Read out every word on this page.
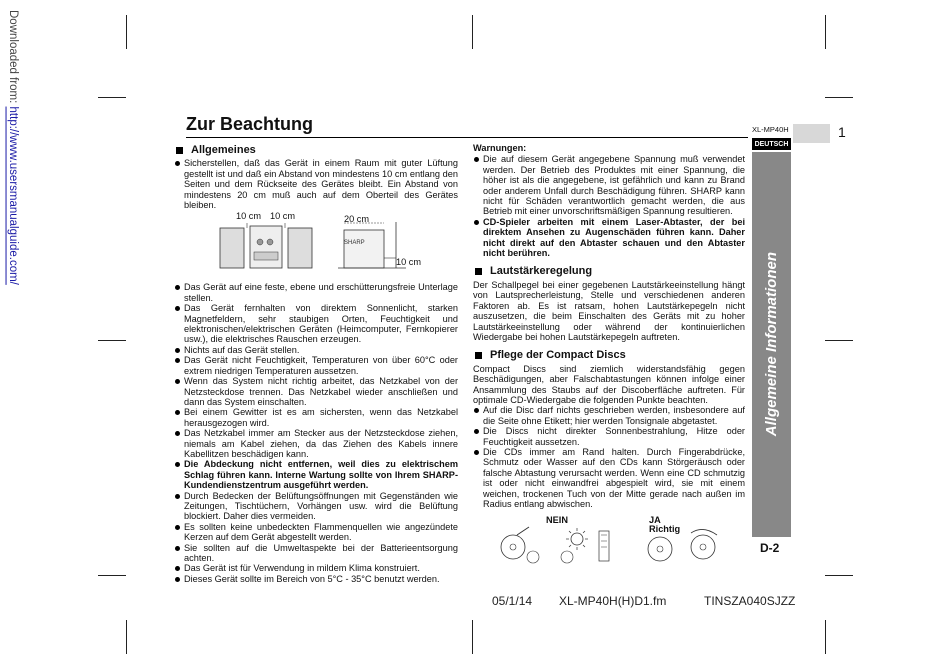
Downloaded from: http://www.usersmanualguide.com/	Zur Beachtung	XL-MP40H	1
DEUTSCH
Allgemeine Informationen
D-2
Allgemeines

Sicherstellen, daß das Gerät in einem Raum mit guter Lüftung gestellt ist und daß ein Abstand von mindestens 10 cm entlang den Seiten und dem Rückseite des Gerätes bleibt. Ein Abstand von mindestens 20 cm muß auch auf dem Oberteil des Gerätes bleiben.

SHARP
10 cm 10 cm	20 cm
10 cm

Das Gerät auf eine feste, ebene und erschütterungsfreie Unterlage stellen.

Das Gerät fernhalten von direktem Sonnenlicht, starken Magnetfeldern, sehr staubigen Orten, Feuchtigkeit und elektronischen/elektrischen Geräten (Heimcomputer, Fernkopierer usw.), die elektrisches Rauschen erzeugen.

Nichts auf das Gerät stellen.

Das Gerät nicht Feuchtigkeit, Temperaturen von über 60°C oder extrem niedrigen Temperaturen aussetzen.

Wenn das System nicht richtig arbeitet, das Netzkabel von der Netzsteckdose trennen. Das Netzkabel wieder anschließen und dann das System einschalten.

Bei einem Gewitter ist es am sichersten, wenn das Netzkabel herausgezogen wird.

Das Netzkabel immer am Stecker aus der Netzsteckdose ziehen, niemals am Kabel ziehen, da das Ziehen des Kabels innere Kabellitzen beschädigen kann.

Die Abdeckung nicht entfernen, weil dies zu elektrischem Schlag führen kann. Interne Wartung sollte von Ihrem SHARP-Kundendienstzentrum ausgeführt werden.

Durch Bedecken der Belüftungsöffnungen mit Gegenständen wie Zeitungen, Tischtüchern, Vorhängen usw. wird die Belüftung blockiert. Daher dies vermeiden.

Es sollten keine unbedeckten Flammenquellen wie angezündete Kerzen auf dem Gerät abgestellt werden.

Sie sollten auf die Umweltaspekte bei der Batterieentsorgung achten.

Das Gerät ist für Verwendung in mildem Klima konstruiert.

Dieses Gerät sollte im Bereich von 5°C - 35°C benutzt werden.

Warnungen:

Die auf diesem Gerät angegebene Spannung muß verwendet werden. Der Betrieb des Produktes mit einer Spannung, die höher ist als die angegebene, ist gefährlich und kann zu Brand oder anderem Unfall durch Beschädigung führen. SHARP kann nicht für Schäden verantwortlich gemacht werden, die aus Betrieb mit einer unvorschriftsmäßigen Spannung resultieren.

CD-Spieler arbeiten mit einem Laser-Abtaster, der bei direktem Ansehen zu Augenschäden führen kann. Daher nicht direkt auf den Abtaster schauen und den Abtaster nicht berühren.

Lautstärkeregelung

Der Schallpegel bei einer gegebenen Lautstärkeeinstellung hängt von Lautsprecherleistung, Stelle und verschiedenen anderen Faktoren ab. Es ist ratsam, hohen Lautstärkepegeln nicht auszusetzen, die beim Einschalten des Geräts mit zu hoher Lautstärkeeinstellung oder während der kontinuierlichen Wiedergabe bei hohen Lautstärkepegeln auftreten.

Pflege der Compact Discs

Compact Discs sind ziemlich widerstandsfähig gegen Beschädigungen, aber Falschabtastungen können infolge einer Ansammlung des Staubs auf der Discoberfläche auftreten. Für optimale CD-Wiedergabe die folgenden Punkte beachten.

Auf die Disc darf nichts geschrieben werden, insbesondere auf die Seite ohne Etikett; hier werden Tonsignale abgetastet.

Die Discs nicht direkter Sonnenbestrahlung, Hitze oder Feuchtigkeit aussetzen.

Die CDs immer am Rand halten. Durch Fingerabdrücke, Schmutz oder Wasser auf den CDs kann Störgeräusch oder falsche Abtastung verursacht werden. Wenn eine CD schmutzig ist oder nicht einwandfrei abgespielt wird, sie mit einem weichen, trockenen Tuch von der Mitte gerade nach außen im Radius entlang abwischen.

NEIN	JA
Richtig
05/1/14 XL-MP40H(H)D1.fm	TINSZA040SJZZ
